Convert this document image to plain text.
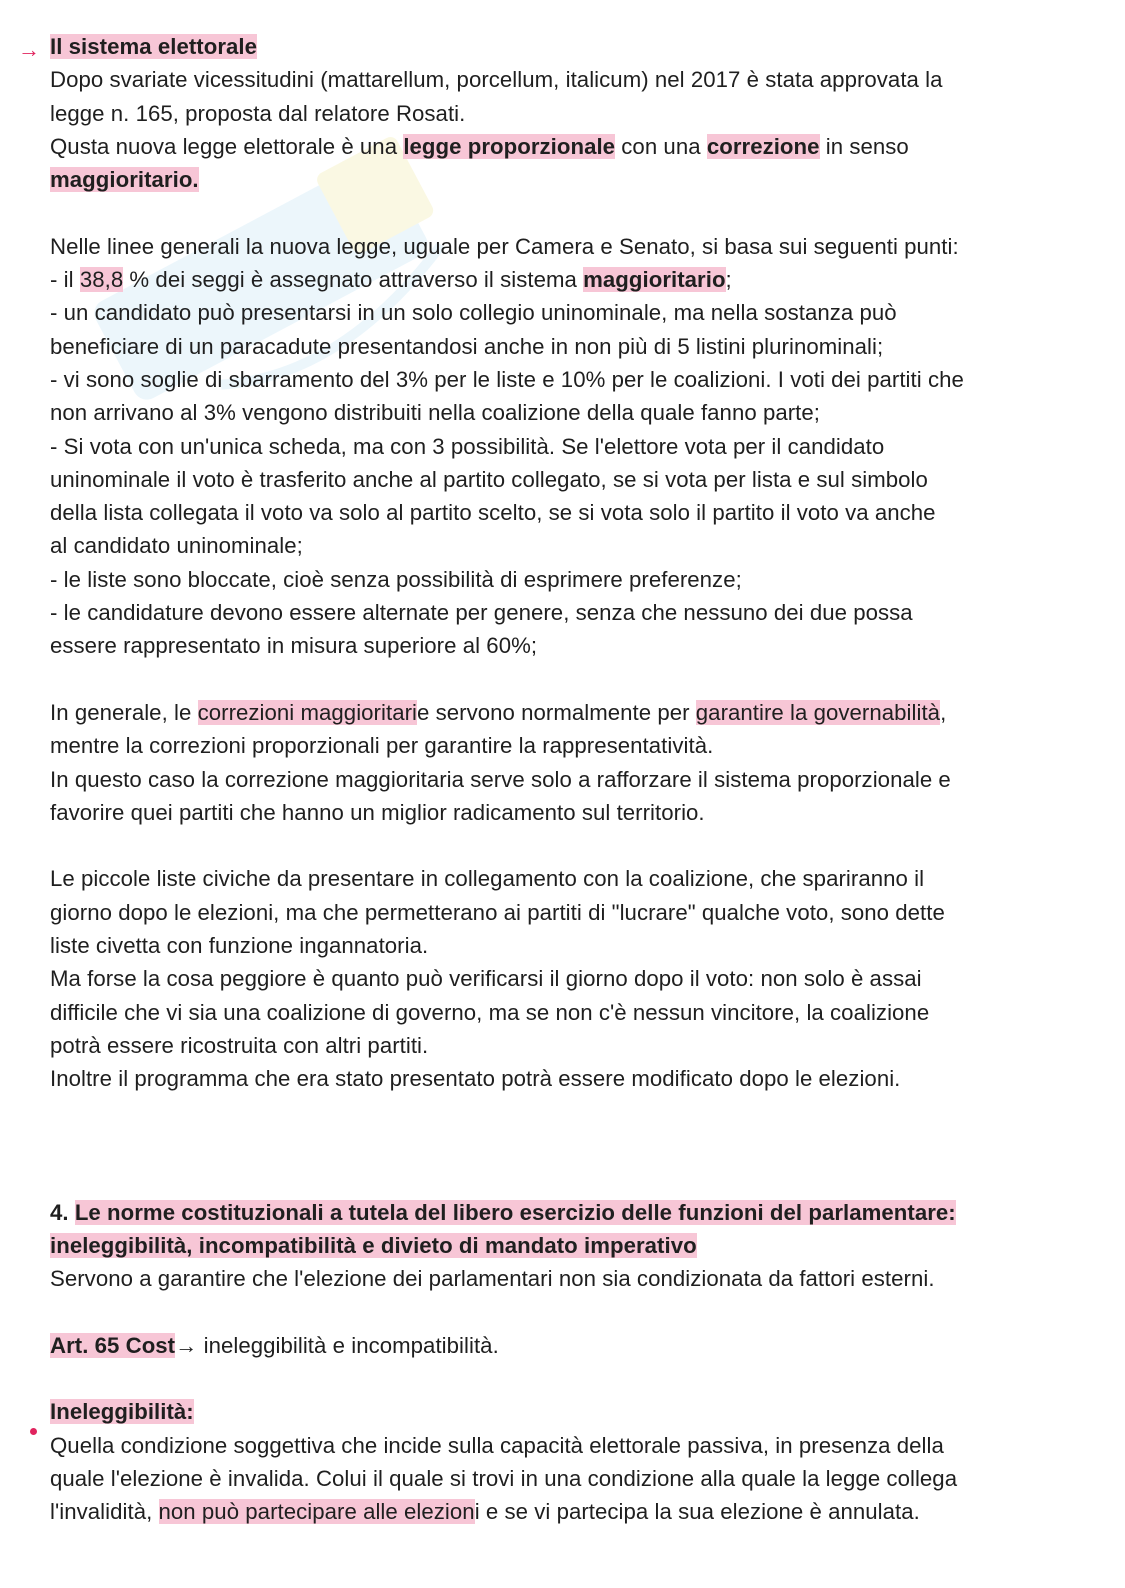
→ Il sistema elettorale
Dopo svariate vicessitudini (mattarellum, porcellum, italicum) nel 2017 è stata approvata la
legge n. 165, proposta dal relatore Rosati.
Qusta nuova legge elettorale è una legge proporzionale con una correzione in senso
maggioritario.
Nelle linee generali la nuova legge, uguale per Camera e Senato, si basa sui seguenti punti:
- il 38,8 % dei seggi è assegnato attraverso il sistema maggioritario;
- un candidato può presentarsi in un solo collegio uninominale, ma nella sostanza può
beneficiare di un paracadute presentandosi anche in non più di 5 listini plurinominali;
- vi sono soglie di sbarramento del 3% per le liste e 10% per le coalizioni. I voti dei partiti che
non arrivano al 3% vengono distribuiti nella coalizione della quale fanno parte;
- Si vota con un'unica scheda, ma con 3 possibilità. Se l'elettore vota per il candidato
uninominale il voto è trasferito anche al partito collegato, se si vota per lista e sul simbolo
della lista collegata il voto va solo al partito scelto, se si vota solo il partito il voto va anche
al candidato uninominale;
- le liste sono bloccate, cioè senza possibilità di esprimere preferenze;
- le candidature devono essere alternate per genere, senza che nessuno dei due possa
essere rappresentato in misura superiore al 60%;
In generale, le correzioni maggioritarie servono normalmente per garantire la governabilità,
mentre la correzioni proporzionali per garantire la rappresentatività.
In questo caso la correzione maggioritaria serve solo a rafforzare il sistema proporzionale e
favorire quei partiti che hanno un miglior radicamento sul territorio.
Le piccole liste civiche da presentare in collegamento con la coalizione, che spariranno il
giorno dopo le elezioni, ma che permetterano ai partiti di "lucrare" qualche voto, sono dette
liste civetta con funzione ingannatoria.
Ma forse la cosa peggiore è quanto può verificarsi il giorno dopo il voto: non solo è assai
difficile che vi sia una coalizione di governo, ma se non c'è nessun vincitore, la coalizione
potrà essere ricostruita con altri partiti.
Inoltre il programma che era stato presentato potrà essere modificato dopo le elezioni.
4. Le norme costituzionali a tutela del libero esercizio delle funzioni del parlamentare:
ineleggibilità, incompatibilità e divieto di mandato imperativo
Servono a garantire che l'elezione dei parlamentari non sia condizionata da fattori esterni.
Art. 65 Cost→ ineleggibilità e incompatibilità.
Ineleggibilità:
Quella condizione soggettiva che incide sulla capacità elettorale passiva, in presenza della
quale l'elezione è invalida. Colui il quale si trovi in una condizione alla quale la legge collega
l'invalidità, non può partecipare alle elezioni e se vi partecipa la sua elezione è annulata.
